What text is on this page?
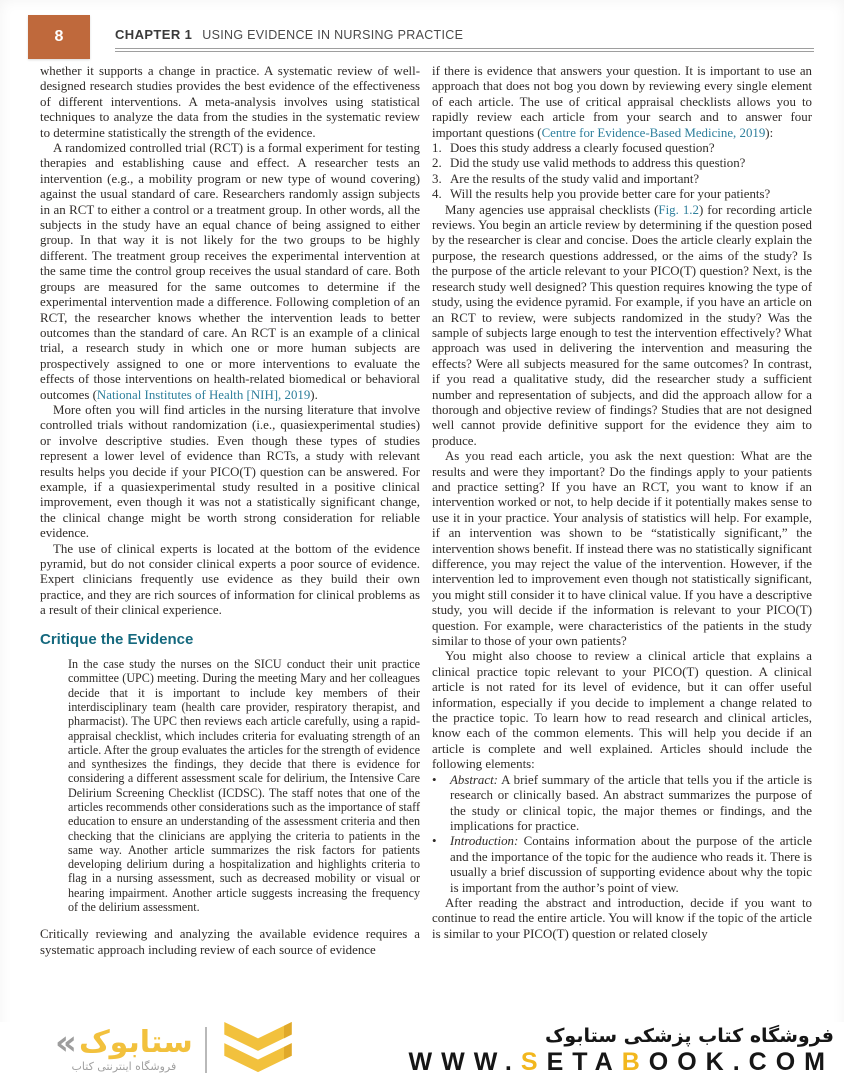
8	CHAPTER 1 USING EVIDENCE IN NURSING PRACTICE

whether it supports a change in practice. A systematic review of well-designed research studies provides the best evidence of the effectiveness of different interventions. A meta-analysis involves using statistical techniques to analyze the data from the studies in the systematic review to determine statistically the strength of the evidence.

A randomized controlled trial (RCT) is a formal experiment for testing therapies and establishing cause and effect. A researcher tests an intervention (e.g., a mobility program or new type of wound covering) against the usual standard of care. Researchers randomly assign subjects in an RCT to either a control or a treatment group. In other words, all the subjects in the study have an equal chance of being assigned to either group. In that way it is not likely for the two groups to be highly different. The treatment group receives the experimental intervention at the same time the control group receives the usual standard of care. Both groups are measured for the same outcomes to determine if the experimental intervention made a difference. Following completion of an RCT, the researcher knows whether the intervention leads to better outcomes than the standard of care. An RCT is an example of a clinical trial, a research study in which one or more human subjects are prospectively assigned to one or more interventions to evaluate the effects of those interventions on health-related biomedical or behavioral outcomes (National Institutes of Health [NIH], 2019).

More often you will find articles in the nursing literature that involve controlled trials without randomization (i.e., quasiexperimental studies) or involve descriptive studies. Even though these types of studies represent a lower level of evidence than RCTs, a study with relevant results helps you decide if your PICO(T) question can be answered. For example, if a quasiexperimental study resulted in a positive clinical improvement, even though it was not a statistically significant change, the clinical change might be worth strong consideration for reliable evidence.

The use of clinical experts is located at the bottom of the evidence pyramid, but do not consider clinical experts a poor source of evidence. Expert clinicians frequently use evidence as they build their own practice, and they are rich sources of information for clinical problems as a result of their clinical experience.

Critique the Evidence

In the case study the nurses on the SICU conduct their unit practice committee (UPC) meeting. During the meeting Mary and her colleagues decide that it is important to include key members of their interdisciplinary team (health care provider, respiratory therapist, and pharmacist). The UPC then reviews each article carefully, using a rapid-appraisal checklist, which includes criteria for evaluating strength of an article. After the group evaluates the articles for the strength of evidence and synthesizes the findings, they decide that there is evidence for considering a different assessment scale for delirium, the Intensive Care Delirium Screening Checklist (ICDSC). The staff notes that one of the articles recommends other considerations such as the importance of staff education to ensure an understanding of the assessment criteria and then checking that the clinicians are applying the criteria to patients in the same way. Another article summarizes the risk factors for patients developing delirium during a hospitalization and highlights criteria to flag in a nursing assessment, such as decreased mobility or visual or hearing impairment. Another article suggests increasing the frequency of the delirium assessment.

Critically reviewing and analyzing the available evidence requires a systematic approach including review of each source of evidence

if there is evidence that answers your question. It is important to use an approach that does not bog you down by reviewing every single element of each article. The use of critical appraisal checklists allows you to rapidly review each article from your search and to answer four important questions (Centre for Evidence-Based Medicine, 2019):

1. Does this study address a clearly focused question?
2. Did the study use valid methods to address this question?
3. Are the results of the study valid and important?
4. Will the results help you provide better care for your patients?

Many agencies use appraisal checklists (Fig. 1.2) for recording article reviews. You begin an article review by determining if the question posed by the researcher is clear and concise. Does the article clearly explain the purpose, the research questions addressed, or the aims of the study? Is the purpose of the article relevant to your PICO(T) question? Next, is the research study well designed? This question requires knowing the type of study, using the evidence pyramid. For example, if you have an article on an RCT to review, were subjects randomized in the study? Was the sample of subjects large enough to test the intervention effectively? What approach was used in delivering the intervention and measuring the effects? Were all subjects measured for the same outcomes? In contrast, if you read a qualitative study, did the researcher study a sufficient number and representation of subjects, and did the approach allow for a thorough and objective review of findings? Studies that are not designed well cannot provide definitive support for the evidence they aim to produce.

As you read each article, you ask the next question: What are the results and were they important? Do the findings apply to your patients and practice setting? If you have an RCT, you want to know if an intervention worked or not, to help decide if it potentially makes sense to use it in your practice. Your analysis of statistics will help. For example, if an intervention was shown to be “statistically significant,” the intervention shows benefit. If instead there was no statistically significant difference, you may reject the value of the intervention. However, if the intervention led to improvement even though not statistically significant, you might still consider it to have clinical value. If you have a descriptive study, you will decide if the information is relevant to your PICO(T) question. For example, were characteristics of the patients in the study similar to those of your own patients?

You might also choose to review a clinical article that explains a clinical practice topic relevant to your PICO(T) question. A clinical article is not rated for its level of evidence, but it can offer useful information, especially if you decide to implement a change related to the practice topic. To learn how to read research and clinical articles, know each of the common elements. This will help you decide if an article is complete and well explained. Articles should include the following elements:

•	Abstract: A brief summary of the article that tells you if the article is research or clinically based. An abstract summarizes the purpose of the study or clinical topic, the major themes or findings, and the implications for practice.
•	Introduction: Contains information about the purpose of the article and the importance of the topic for the audience who reads it. There is usually a brief discussion of supporting evidence about why the topic is important from the author’s point of view.

After reading the abstract and introduction, decide if you want to continue to read the entire article. You will know if the topic of the article is similar to your PICO(T) question or related closely

« ستابوک
فروشگاه اینترنتی کتاب
فروشگاه کتاب پزشکی ستابوک
WWW.SETABOOK.COM
